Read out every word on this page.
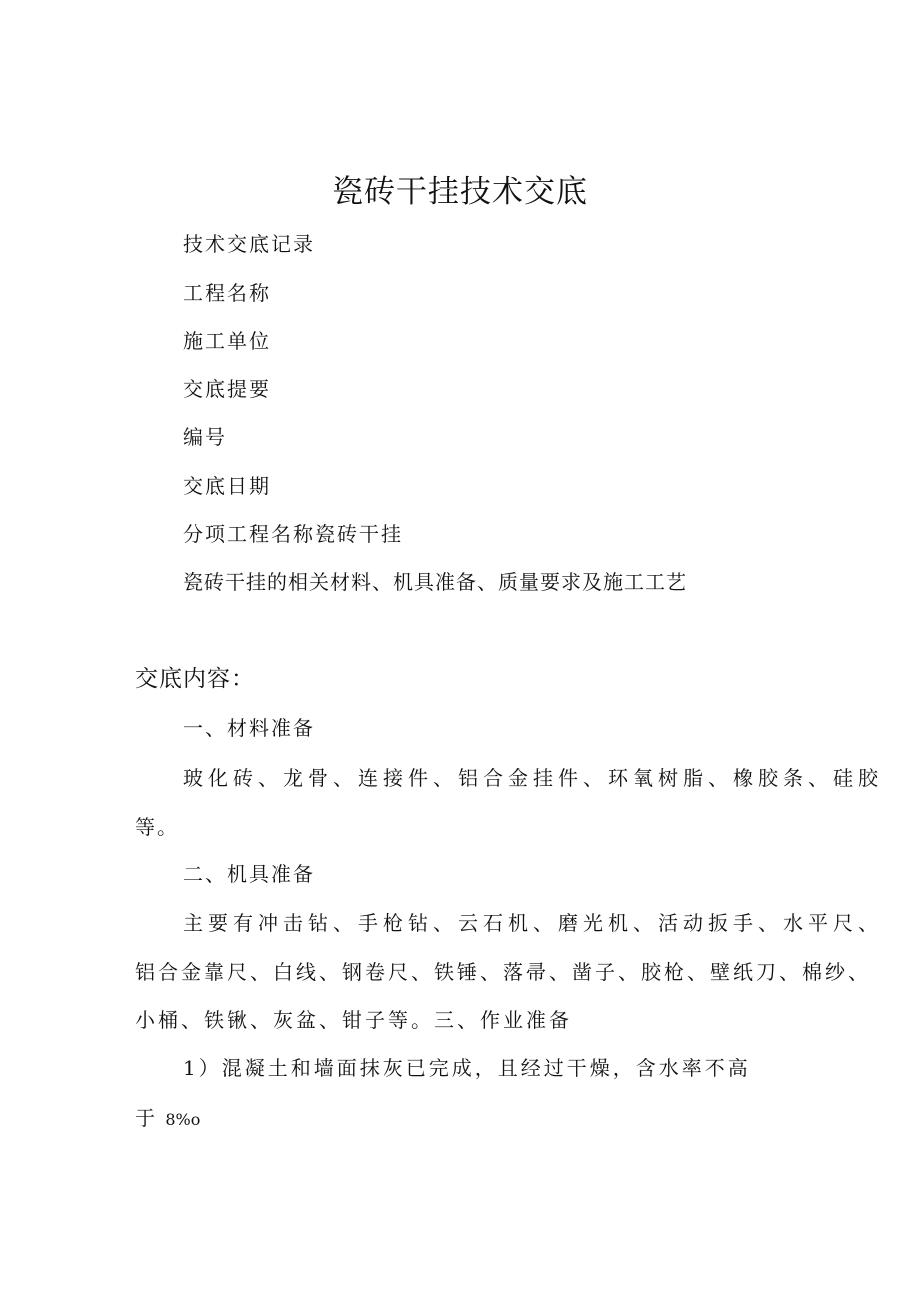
瓷砖干挂技术交底
技术交底记录
工程名称
施工单位
交底提要
编号
交底日期
分项工程名称瓷砖干挂
瓷砖干挂的相关材料、机具准备、质量要求及施工工艺
交底内容：
一、材料准备
玻化砖、龙骨、连接件、铝合金挂件、环氧树脂、橡胶条、硅胶
等。
二、机具准备
主要有冲击钻、手枪钻、云石机、磨光机、活动扳手、水平尺、
铝合金靠尺、白线、钢卷尺、铁锤、落帚、凿子、胶枪、壁纸刀、棉纱、
小桶、铁锹、灰盆、钳子等。三、作业准备
1）混凝土和墙面抹灰已完成，且经过干燥，含水率不高
于 8%o
